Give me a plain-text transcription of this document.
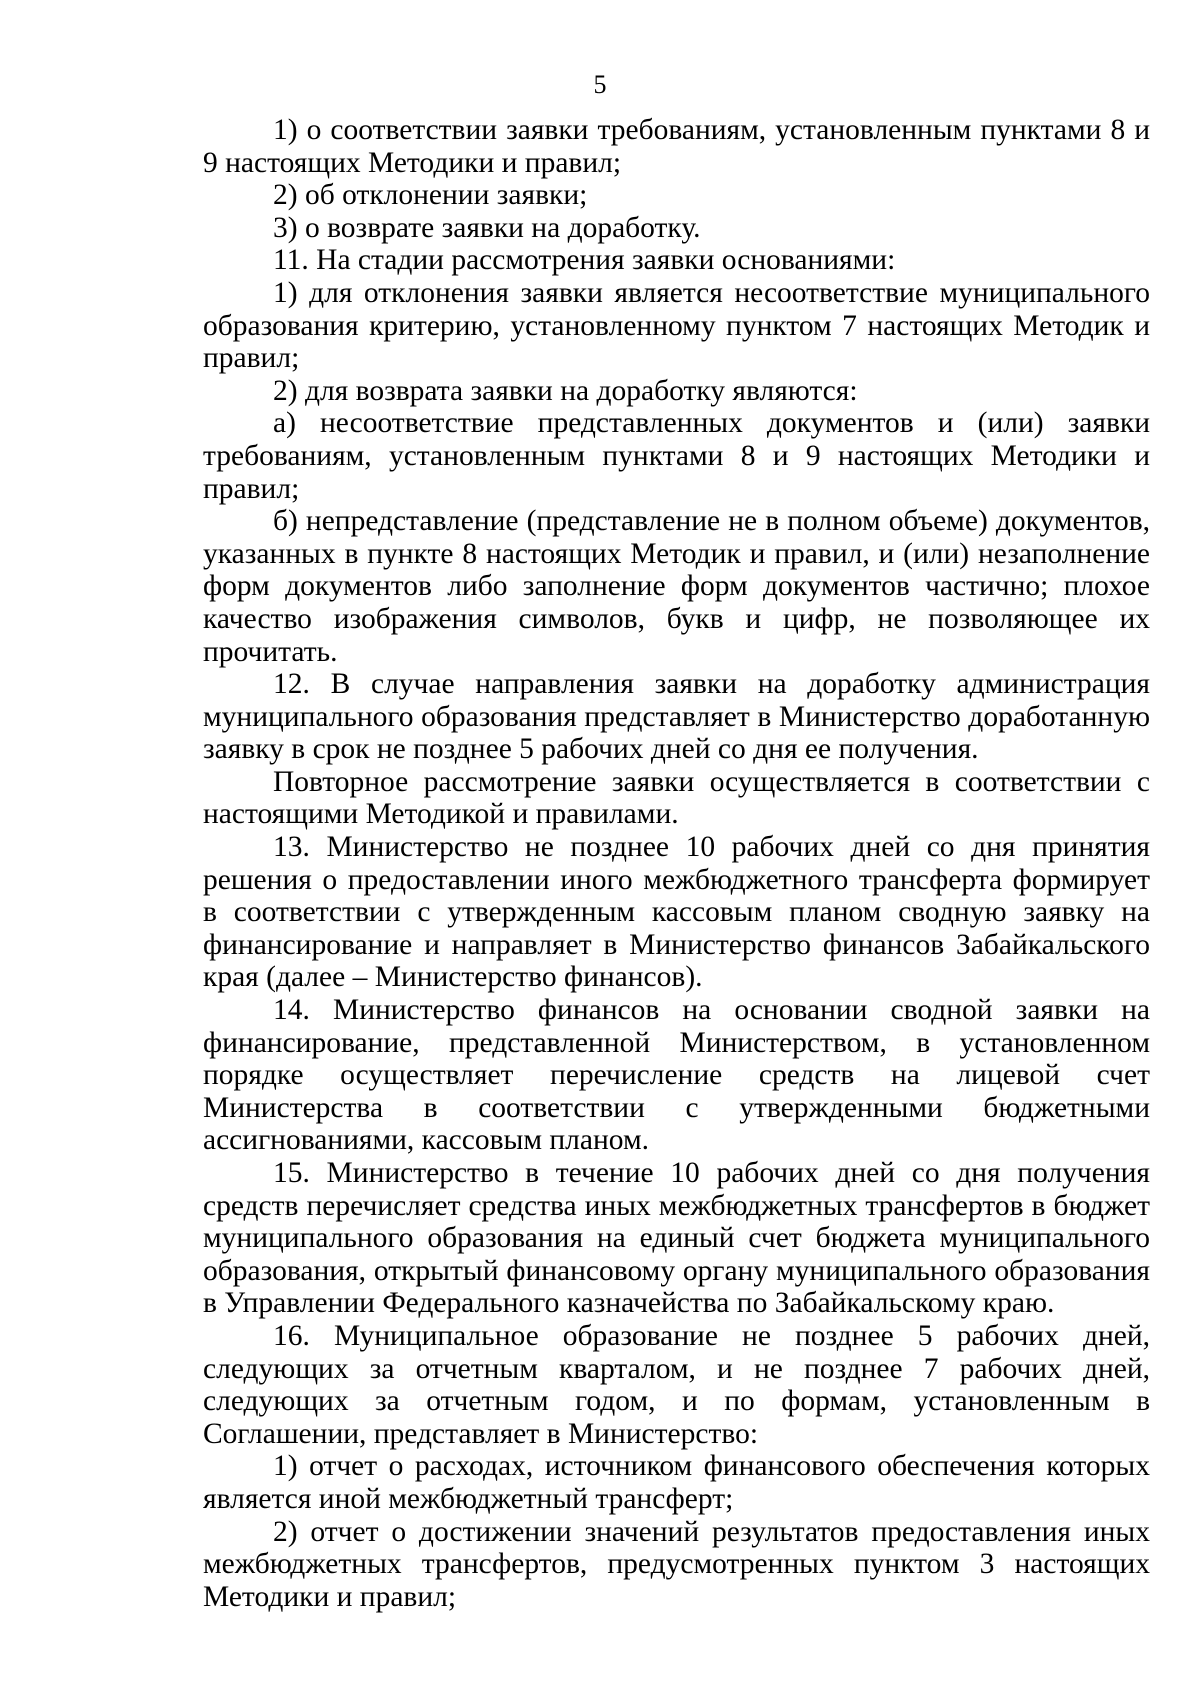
5

1) о соответствии заявки требованиям, установленным пунктами 8 и 9 настоящих Методики и правил;

2) об отклонении заявки;

3) о возврате заявки на доработку.

11. На стадии рассмотрения заявки основаниями:

1) для отклонения заявки является несоответствие муниципального образования критерию, установленному пунктом 7 настоящих Методик и правил;

2) для возврата заявки на доработку являются:

а) несоответствие представленных документов и (или) заявки требованиям, установленным пунктами 8 и 9 настоящих Методики и правил;

б) непредставление (представление не в полном объеме) документов, указанных в пункте 8 настоящих Методик и правил, и (или) незаполнение форм документов либо заполнение форм документов частично; плохое качество изображения символов, букв и цифр, не позволяющее их прочитать.

12. В случае направления заявки на доработку администрация муниципального образования представляет в Министерство доработанную заявку в срок не позднее 5 рабочих дней со дня ее получения.

Повторное рассмотрение заявки осуществляется в соответствии с настоящими Методикой и правилами.

13. Министерство не позднее 10 рабочих дней со дня принятия решения о предоставлении иного межбюджетного трансферта формирует в соответствии с утвержденным кассовым планом сводную заявку на финансирование и направляет в Министерство финансов Забайкальского края (далее – Министерство финансов).

14. Министерство финансов на основании сводной заявки на финансирование, представленной Министерством, в установленном порядке осуществляет перечисление средств на лицевой счет Министерства в соответствии с утвержденными бюджетными ассигнованиями, кассовым планом.

15. Министерство в течение 10 рабочих дней со дня получения средств перечисляет средства иных межбюджетных трансфертов в бюджет муниципального образования на единый счет бюджета муниципального образования, открытый финансовому органу муниципального образования в Управлении Федерального казначейства по Забайкальскому краю.

16. Муниципальное образование не позднее 5 рабочих дней, следующих за отчетным кварталом, и не позднее 7 рабочих дней, следующих за отчетным годом, и по формам, установленным в Соглашении, представляет в Министерство:

1) отчет о расходах, источником финансового обеспечения которых является иной межбюджетный трансферт;

2) отчет о достижении значений результатов предоставления иных межбюджетных трансфертов, предусмотренных пунктом 3 настоящих Методики и правил;
